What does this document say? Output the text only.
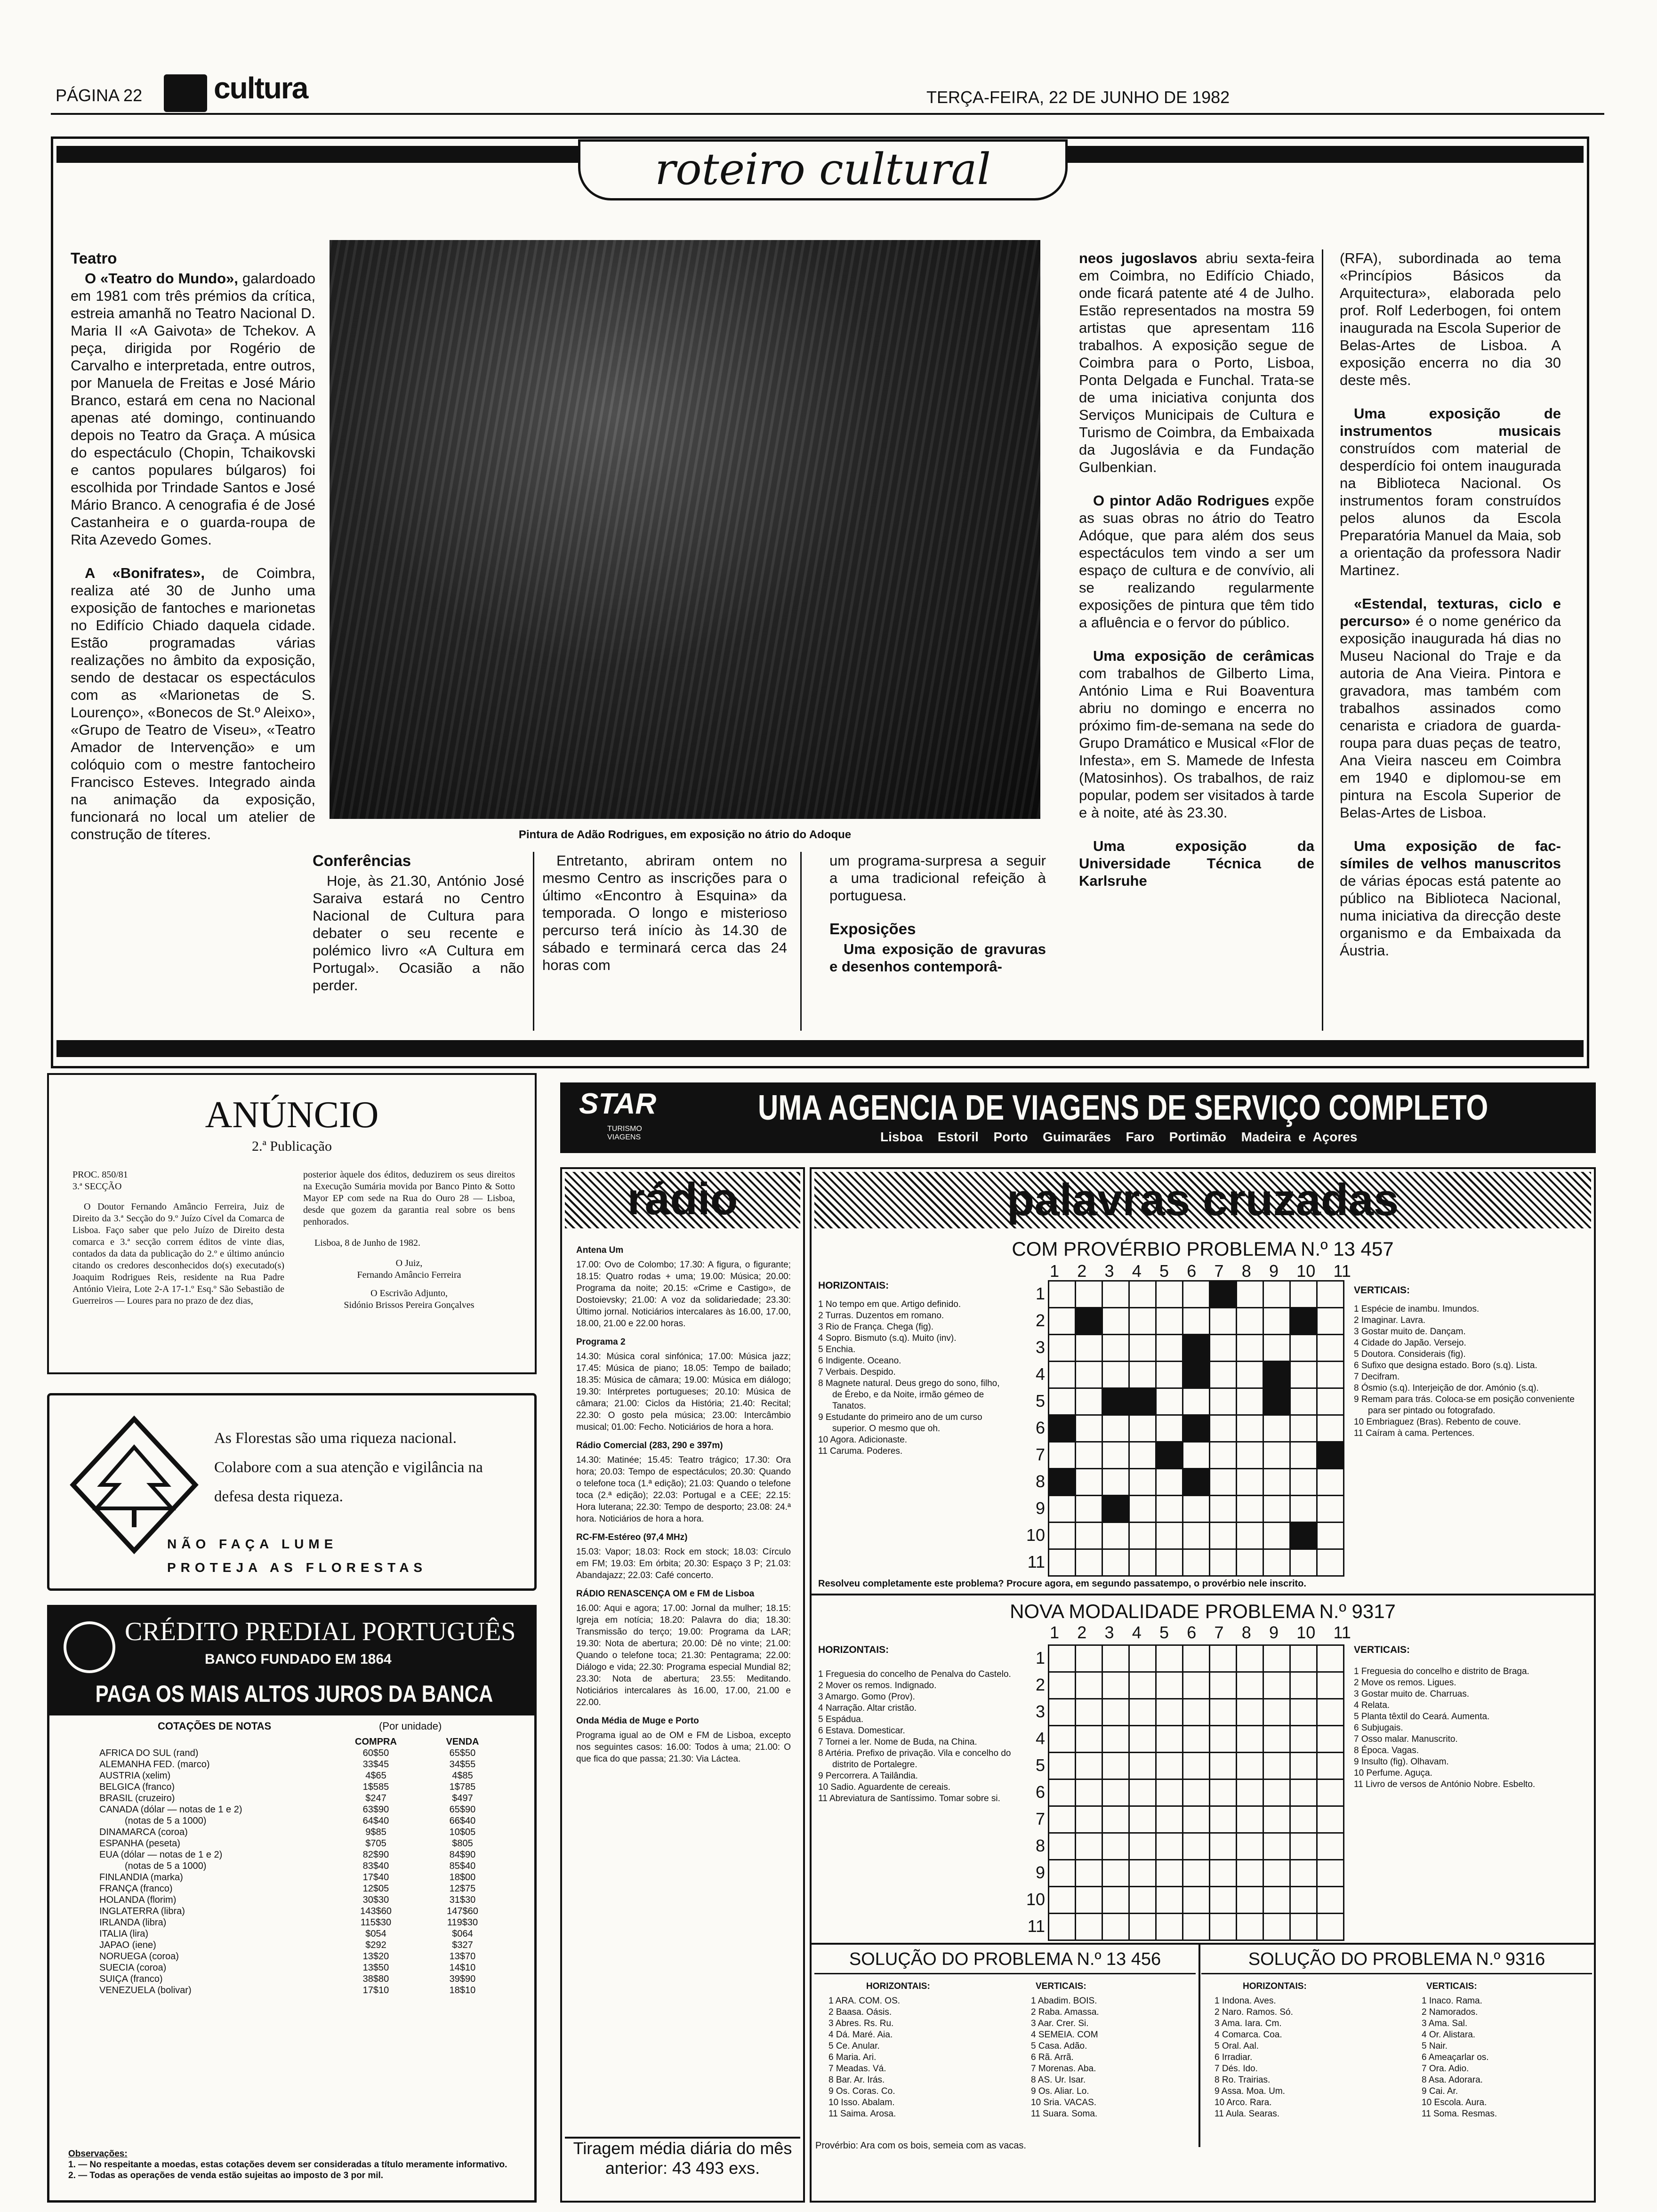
PÁGINA 22 cultura	TERÇA-FEIRA, 22 DE JUNHO DE 1982
roteiro cultural
Teatro

O «Teatro do Mundo», galardoado em 1981 com três prémios da crítica, estreia amanhã no Teatro Nacional D. Maria II «A Gaivota» de Tchekov. A peça, dirigida por Rogério de Carvalho e interpretada, entre outros, por Manuela de Freitas e José Mário Branco, estará em cena no Nacional apenas até domingo, continuando depois no Teatro da Graça. A música do espectáculo (Chopin, Tchaikovski e cantos populares búlgaros) foi escolhida por Trindade Santos e José Mário Branco. A cenografia é de José Castanheira e o guarda-roupa de Rita Azevedo Gomes.

A «Bonifrates», de Coimbra, realiza até 30 de Junho uma exposição de fantoches e marionetas no Edifício Chiado daquela cidade. Estão programadas várias realizações no âmbito da exposição, sendo de destacar os espectáculos com as «Marionetas de S. Lourenço», «Bonecos de St.º Aleixo», «Grupo de Teatro de Viseu», «Teatro Amador de Intervenção» e um colóquio com o mestre fantocheiro Francisco Esteves. Integrado ainda na animação da exposição, funcionará no local um atelier de construção de títeres.	Pintura de Adão Rodrigues, em exposição no átrio do Adoque
Conferências

Hoje, às 21.30, António José Saraiva estará no Centro Nacional de Cultura para debater o seu recente e polémico livro «A Cultura em Portugal». Ocasião a não perder.

Entretanto, abriram ontem no mesmo Centro as inscrições para o último «Encontro à Esquina» da temporada. O longo e misterioso percurso terá início às 14.30 de sábado e terminará cerca das 24 horas com

um programa-surpresa a seguir a uma tradicional refeição à portuguesa.

Exposições

Uma exposição de gravuras e desenhos contemporâ-

neos jugoslavos abriu sexta-feira em Coimbra, no Edifício Chiado, onde ficará patente até 4 de Julho. Estão representados na mostra 59 artistas que apresentam 116 trabalhos. A exposição segue de Coimbra para o Porto, Lisboa, Ponta Delgada e Funchal. Trata-se de uma iniciativa conjunta dos Serviços Municipais de Cultura e Turismo de Coimbra, da Embaixada da Jugoslávia e da Fundação Gulbenkian.

O pintor Adão Rodrigues expõe as suas obras no átrio do Teatro Adóque, que para além dos seus espectáculos tem vindo a ser um espaço de cultura e de convívio, ali se realizando regularmente exposições de pintura que têm tido a afluência e o fervor do público.

Uma exposição de cerâmicas com trabalhos de Gilberto Lima, António Lima e Rui Boaventura abriu no domingo e encerra no próximo fim-de-semana na sede do Grupo Dramático e Musical «Flor de Infesta», em S. Mamede de Infesta (Matosinhos). Os trabalhos, de raiz popular, podem ser visitados à tarde e à noite, até às 23.30.

Uma exposição da Universidade Técnica de Karlsruhe

(RFA), subordinada ao tema «Princípios Básicos da Arquitectura», elaborada pelo prof. Rolf Lederbogen, foi ontem inaugurada na Escola Superior de Belas-Artes de Lisboa. A exposição encerra no dia 30 deste mês.

Uma exposição de instrumentos musicais construídos com material de desperdício foi ontem inaugurada na Biblioteca Nacional. Os instrumentos foram construídos pelos alunos da Escola Preparatória Manuel da Maia, sob a orientação da professora Nadir Martinez.

«Estendal, texturas, ciclo e percurso» é o nome genérico da exposição inaugurada há dias no Museu Nacional do Traje e da autoria de Ana Vieira. Pintora e gravadora, mas também com trabalhos assinados como cenarista e criadora de guarda-roupa para duas peças de teatro, Ana Vieira nasceu em Coimbra em 1940 e diplomou-se em pintura na Escola Superior de Belas-Artes de Lisboa.

Uma exposição de fac-símiles de velhos manuscritos de várias épocas está patente ao público na Biblioteca Nacional, numa iniciativa da direcção deste organismo e da Embaixada da Áustria.

ANÚNCIO
2.ª Publicação
PROC. 850/81
3.ª SECÇÃO
O Doutor Fernando Amâncio Ferreira, Juiz de Direito da 3.ª Secção do 9.º Juízo Cível da Comarca de Lisboa. Faço saber que pelo Juízo de Direito desta comarca e 3.ª secção correm éditos de vinte dias, contados da data da publicação do 2.º e último anúncio citando os credores desconhecidos do(s) executado(s) Joaquim Rodrigues Reis, residente na Rua Padre António Vieira, Lote 2-A 17-1.º Esq.º São Sebastião de Guerreiros — Loures para no prazo de dez dias,
posterior àquele dos éditos, deduzirem os seus direitos na Execução Sumária movida por Banco Pinto & Sotto Mayor EP com sede na Rua do Ouro 28 — Lisboa, desde que gozem da garantia real sobre os bens penhorados.
Lisboa, 8 de Junho de 1982.
O Juiz,
Fernando Amâncio Ferreira
O Escrivão Adjunto,
Sidónio Brissos Pereira Gonçalves
As Florestas são uma riqueza nacional.
Colabore com a sua atenção e vigilância na
defesa desta riqueza.
NÃO FAÇA LUME
PROTEJA AS FLORESTAS
CRÉDITO PREDIAL PORTUGUÊS
BANCO FUNDADO EM 1864
PAGA OS MAIS ALTOS JUROS DA BANCA
COTAÇÕES DE NOTAS	(Por unidade)
	COMPRA	VENDA
AFRICA DO SUL (rand)	60$50	65$50
ALEMANHA FED. (marco)	33$45	34$55
AUSTRIA (xelim)	4$65	4$85
BELGICA (franco)	1$585	1$785
BRASIL (cruzeiro)	$247	$497
CANADA (dólar — notas de 1 e 2)	63$90	65$90
(notas de 5 a 1000)	64$40	66$40
DINAMARCA (coroa)	9$85	10$05
ESPANHA (peseta)	$705	$805
EUA (dólar — notas de 1 e 2)	82$90	84$90
(notas de 5 a 1000)	83$40	85$40
FINLANDIA (marka)	17$40	18$00
FRANÇA (franco)	12$05	12$75
HOLANDA (florim)	30$30	31$30
INGLATERRA (libra)	143$60	147$60
IRLANDA (libra)	115$30	119$30
ITALIA (lira)	$054	$064
JAPAO (iene)	$292	$327
NORUEGA (coroa)	13$20	13$70
SUECIA (coroa)	13$50	14$10
SUIÇA (franco)	38$80	39$90
VENEZUELA (bolivar)	17$10	18$10
Observações:
1. — No respeitante a moedas, estas cotações devem ser consideradas a título meramente informativo.
2. — Todas as operações de venda estão sujeitas ao imposto de 3 por mil.
STAR
TURISMO VIAGENS
UMA AGENCIA DE VIAGENS DE SERVIÇO COMPLETO
Lisboa  Estoril  Porto  Guimarães  Faro  Portimão  Madeira e Açores
rádio
Antena Um

17.00: Ovo de Colombo; 17.30: A figura, o figurante; 18.15: Quatro rodas + uma; 19.00: Música; 20.00: Programa da noite; 20.15: «Crime e Castigo», de Dostoievsky; 21.00: A voz da solidariedade; 23.30: Último jornal. Noticiários intercalares às 16.00, 17.00, 18.00, 21.00 e 22.00 horas.

Programa 2

14.30: Música coral sinfónica; 17.00: Música jazz; 17.45: Música de piano; 18.05: Tempo de bailado; 18.35: Música de câmara; 19.00: Música em diálogo; 19.30: Intérpretes portugueses; 20.10: Música de câmara; 21.00: Ciclos da História; 21.40: Recital; 22.30: O gosto pela música; 23.00: Intercâmbio musical; 01.00: Fecho. Noticiários de hora a hora.

Rádio Comercial (283, 290 e 397m)

14.30: Matinée; 15.45: Teatro trágico; 17.30: Ora hora; 20.03: Tempo de espectáculos; 20.30: Quando o telefone toca (1.ª edição); 21.03: Quando o telefone toca (2.ª edição); 22.03: Portugal e a CEE; 22.15: Hora luterana; 22.30: Tempo de desporto; 23.08: 24.ª hora. Noticiários de hora a hora.

RC-FM-Estéreo (97,4 MHz)

15.03: Vapor; 18.03: Rock em stock; 18.03: Círculo em FM; 19.03: Em órbita; 20.30: Espaço 3 P; 21.03: Abandajazz; 22.03: Café concerto.

RÁDIO RENASCENÇA OM e FM de Lisboa

16.00: Aqui e agora; 17.00: Jornal da mulher; 18.15: Igreja em notícia; 18.20: Palavra do dia; 18.30: Transmissão do terço; 19.00: Programa da LAR; 19.30: Nota de abertura; 20.00: Dê no vinte; 21.00: Quando o telefone toca; 21.30: Pentagrama; 22.00: Diálogo e vida; 22.30: Programa especial Mundial 82; 23.30: Nota de abertura; 23.55: Meditando. Noticiários intercalares às 16.00, 17.00, 21.00 e 22.00.

Onda Média de Muge e Porto

Programa igual ao de OM e FM de Lisboa, excepto nos seguintes casos: 16.00: Todos à uma; 21.00: O que fica do que passa; 21.30: Via Láctea.

Tiragem média diária do mês anterior: 43 493 exs.
palavras cruzadas
COM PROVÉRBIO PROBLEMA N.º 13 457
1 2 3 4 5 6 7 8 9 10 11
HORIZONTAIS:
1 No tempo em que. Artigo definido.
2 Turras. Duzentos em romano.
3 Rio de França. Chega (fig).
4 Sopro. Bismuto (s.q). Muito (inv).
5 Enchia.
6 Indigente. Oceano.
7 Verbais. Despido.
8 Magnete natural. Deus grego do sono, filho, de Érebo, e da Noite, irmão gémeo de Tanatos.
9 Estudante do primeiro ano de um curso superior. O mesmo que oh.
10 Agora. Adicionaste.
11 Caruma. Poderes.
VERTICAIS:
1 Espécie de inambu. Imundos.
2 Imaginar. Lavra.
3 Gostar muito de. Dançam.
4 Cidade do Japão. Versejo.
5 Doutora. Considerais (fig).
6 Sufixo que designa estado. Boro (s.q). Lista.
7 Decifram.
8 Ósmio (s.q). Interjeição de dor. Amónio (s.q).
9 Remam para trás. Coloca-se em posição conveniente para ser pintado ou fotografado.
10 Embriaguez (Bras). Rebento de couve.
11 Caíram à cama. Pertences.
1
2
3
4
5
6
7
8
9
10
11

Resolveu completamente este problema? Procure agora, em segundo passatempo, o provérbio nele inscrito.
NOVA MODALIDADE PROBLEMA N.º 9317
1 2 3 4 5 6 7 8 9 10 11
HORIZONTAIS:
1 Freguesia do concelho de Penalva do Castelo.
2 Mover os remos. Indignado.
3 Amargo. Gomo (Prov).
4 Narração. Altar cristão.
5 Espádua.
6 Estava. Domesticar.
7 Tornei a ler. Nome de Buda, na China.
8 Artéria. Prefixo de privação. Vila e concelho do distrito de Portalegre.
9 Percorrera. A Tailândia.
10 Sadio. Aguardente de cereais.
11 Abreviatura de Santíssimo. Tomar sobre si.
VERTICAIS:
1 Freguesia do concelho e distrito de Braga.
2 Move os remos. Ligues.
3 Gostar muito de. Charruas.
4 Relata.
5 Planta têxtil do Ceará. Aumenta.
6 Subjugais.
7 Osso malar. Manuscrito.
8 Época. Vagas.
9 Insulto (fig). Olhavam.
10 Perfume. Aguça.
11 Livro de versos de António Nobre. Esbelto.
1
2
3
4
5
6
7
8
9
10
11

SOLUÇÃO DO PROBLEMA N.º 13 456
HORIZONTAIS:	VERTICAIS:
1 ARA. COM. OS.
2 Baasa. Oásis.
3 Abres. Rs. Ru.
4 Dá. Maré. Aia.
5 Ce. Anular.
6 Maria. Ari.
7 Meadas. Vá.
8 Bar. Ar. Irás.
9 Os. Coras. Co.
10 Isso. Abalam.
11 Saima. Arosa.
1 Abadim. BOIS.
2 Raba. Amassa.
3 Aar. Crer. Si.
4 SEMEIA. COM
5 Casa. Adão.
6 Rã. Arrã.
7 Morenas. Aba.
8 AS. Ur. Isar.
9 Os. Aliar. Lo.
10 Sria. VACAS.
11 Suara. Soma.
Provérbio: Ara com os bois, semeia com as vacas.
SOLUÇÃO DO PROBLEMA N.º 9316
HORIZONTAIS:	VERTICAIS:
1 Indona. Aves.
2 Naro. Ramos. Só.
3 Ama. Iara. Cm.
4 Comarca. Coa.
5 Oral. Aal.
6 Irradiar.
7 Dés. Ido.
8 Ro. Trairias.
9 Assa. Moa. Um.
10 Arco. Rara.
11 Aula. Searas.
1 Inaco. Rama.
2 Namorados.
3 Ama. Sal.
4 Or. Alistara.
5 Nair.
6 Ameaçarlar os.
7 Ora. Adio.
8 Asa. Adorara.
9 Cai. Ar.
10 Escola. Aura.
11 Soma. Resmas.
